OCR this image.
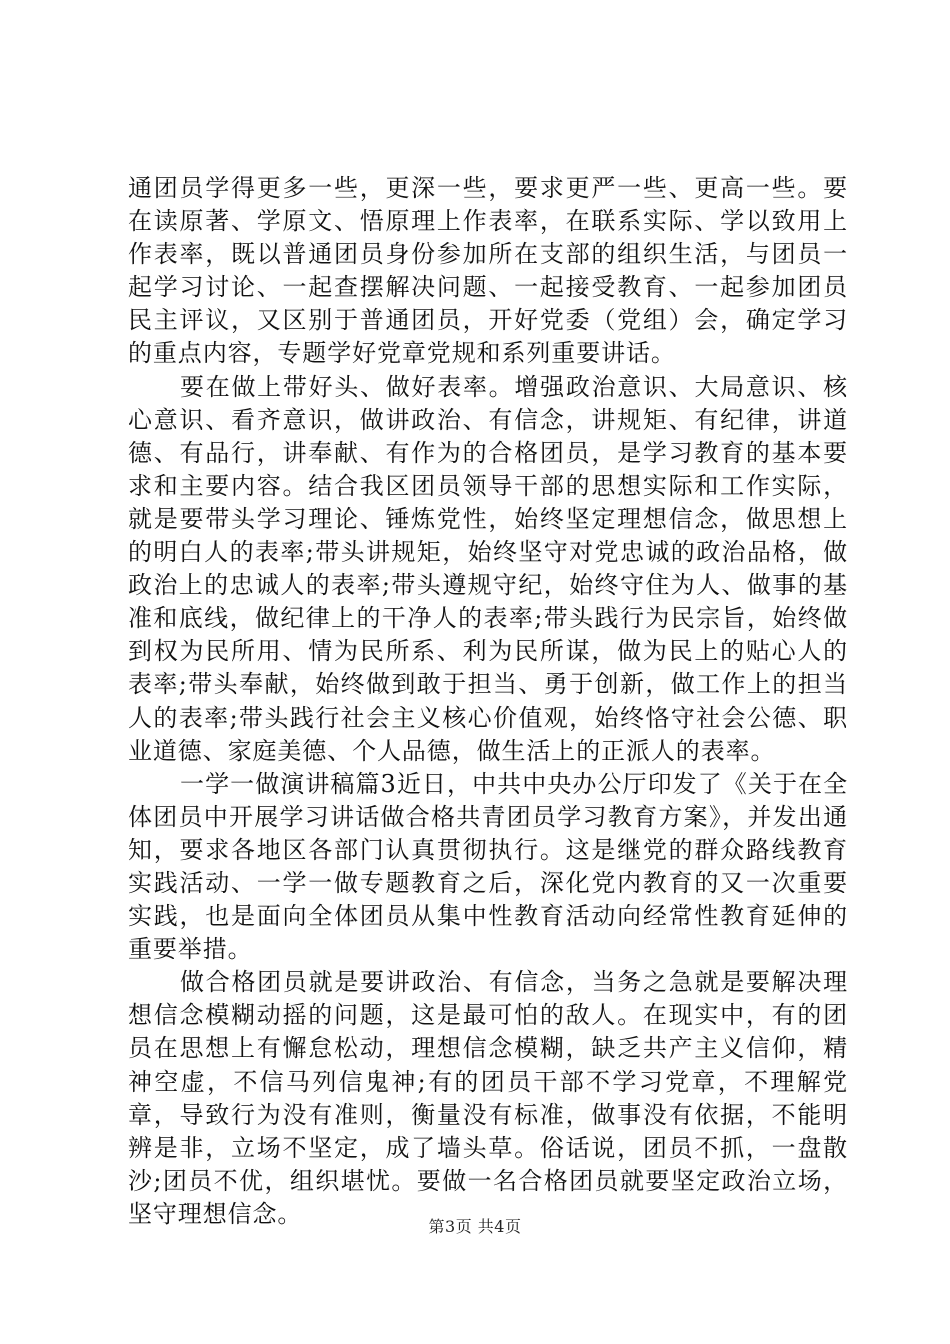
通团员学得更多一些，更深一些，要求更严一些、更高一些。要在读原著、学原文、悟原理上作表率，在联系实际、学以致用上作表率，既以普通团员身份参加所在支部的组织生活，与团员一起学习讨论、一起查摆解决问题、一起接受教育、一起参加团员民主评议，又区别于普通团员，开好党委（党组）会，确定学习的重点内容，专题学好党章党规和系列重要讲话。

要在做上带好头、做好表率。增强政治意识、大局意识、核心意识、看齐意识，做讲政治、有信念，讲规矩、有纪律，讲道德、有品行，讲奉献、有作为的合格团员，是学习教育的基本要求和主要内容。结合我区团员领导干部的思想实际和工作实际，就是要带头学习理论、锤炼党性，始终坚定理想信念，做思想上的明白人的表率;带头讲规矩，始终坚守对党忠诚的政治品格，做政治上的忠诚人的表率;带头遵规守纪，始终守住为人、做事的基准和底线，做纪律上的干净人的表率;带头践行为民宗旨，始终做到权为民所用、情为民所系、利为民所谋，做为民上的贴心人的表率;带头奉献，始终做到敢于担当、勇于创新，做工作上的担当人的表率;带头践行社会主义核心价值观，始终恪守社会公德、职业道德、家庭美德、个人品德，做生活上的正派人的表率。

一学一做演讲稿篇3近日，中共中央办公厅印发了《关于在全体团员中开展学习讲话做合格共青团员学习教育方案》，并发出通知，要求各地区各部门认真贯彻执行。这是继党的群众路线教育实践活动、一学一做专题教育之后，深化党内教育的又一次重要实践，也是面向全体团员从集中性教育活动向经常性教育延伸的重要举措。

做合格团员就是要讲政治、有信念，当务之急就是要解决理想信念模糊动摇的问题，这是最可怕的敌人。在现实中，有的团员在思想上有懈怠松动，理想信念模糊，缺乏共产主义信仰，精神空虚，不信马列信鬼神;有的团员干部不学习党章，不理解党章，导致行为没有准则，衡量没有标准，做事没有依据，不能明辨是非，立场不坚定，成了墙头草。俗话说，团员不抓，一盘散沙;团员不优，组织堪忧。要做一名合格团员就要坚定政治立场，坚守理想信念。	第3页 共4页
